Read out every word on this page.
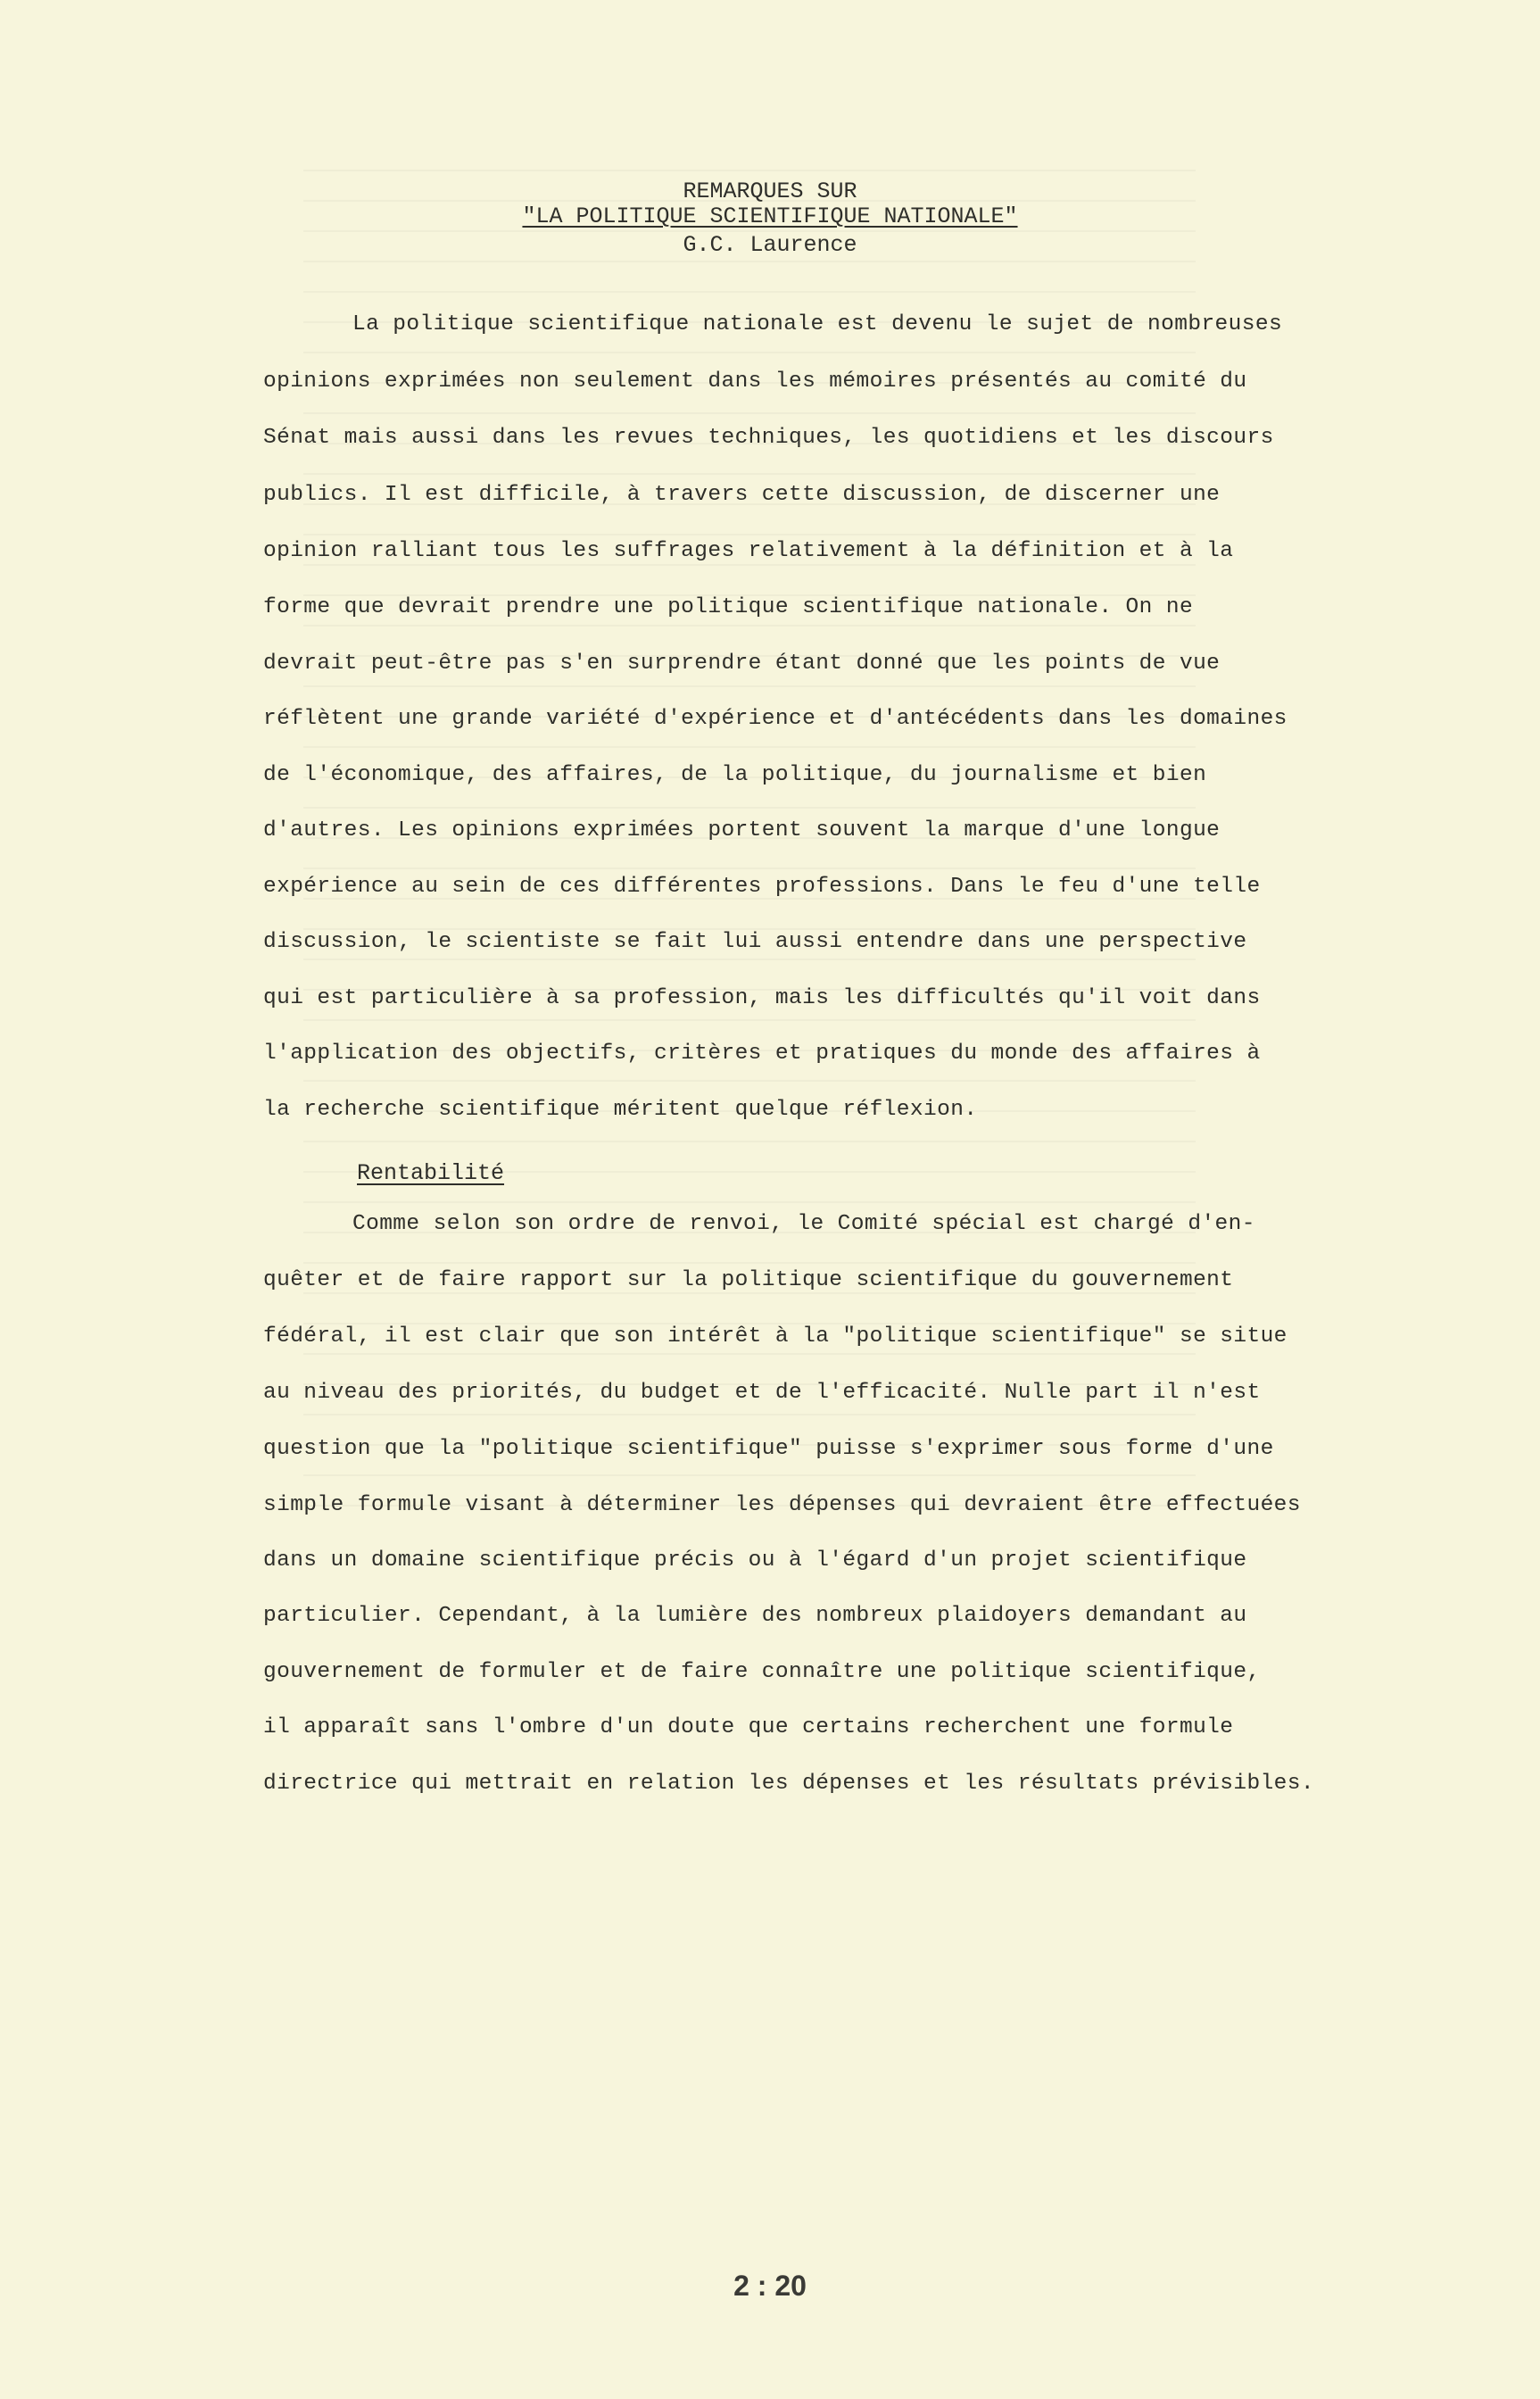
REMARQUES SUR
"LA POLITIQUE SCIENTIFIQUE NATIONALE"
G.C. Laurence
La politique scientifique nationale est devenu le sujet de nombreuses
opinions exprimées non seulement dans les mémoires présentés au comité du
Sénat mais aussi dans les revues techniques, les quotidiens et les discours
publics. Il est difficile, à travers cette discussion, de discerner une
opinion ralliant tous les suffrages relativement à la définition et à la
forme que devrait prendre une politique scientifique nationale. On ne
devrait peut-être pas s'en surprendre étant donné que les points de vue
réflètent une grande variété d'expérience et d'antécédents dans les domaines
de l'économique, des affaires, de la politique, du journalisme et bien
d'autres. Les opinions exprimées portent souvent la marque d'une longue
expérience au sein de ces différentes professions. Dans le feu d'une telle
discussion, le scientiste se fait lui aussi entendre dans une perspective
qui est particulière à sa profession, mais les difficultés qu'il voit dans
l'application des objectifs, critères et pratiques du monde des affaires à
la recherche scientifique méritent quelque réflexion.
Rentabilité
Comme selon son ordre de renvoi, le Comité spécial est chargé d'en-
quêter et de faire rapport sur la politique scientifique du gouvernement
fédéral, il est clair que son intérêt à la "politique scientifique" se situe
au niveau des priorités, du budget et de l'efficacité. Nulle part il n'est
question que la "politique scientifique" puisse s'exprimer sous forme d'une
simple formule visant à déterminer les dépenses qui devraient être effectuées
dans un domaine scientifique précis ou à l'égard d'un projet scientifique
particulier. Cependant, à la lumière des nombreux plaidoyers demandant au
gouvernement de formuler et de faire connaître une politique scientifique,
il apparaît sans l'ombre d'un doute que certains recherchent une formule
directrice qui mettrait en relation les dépenses et les résultats prévisibles.
2 : 20
